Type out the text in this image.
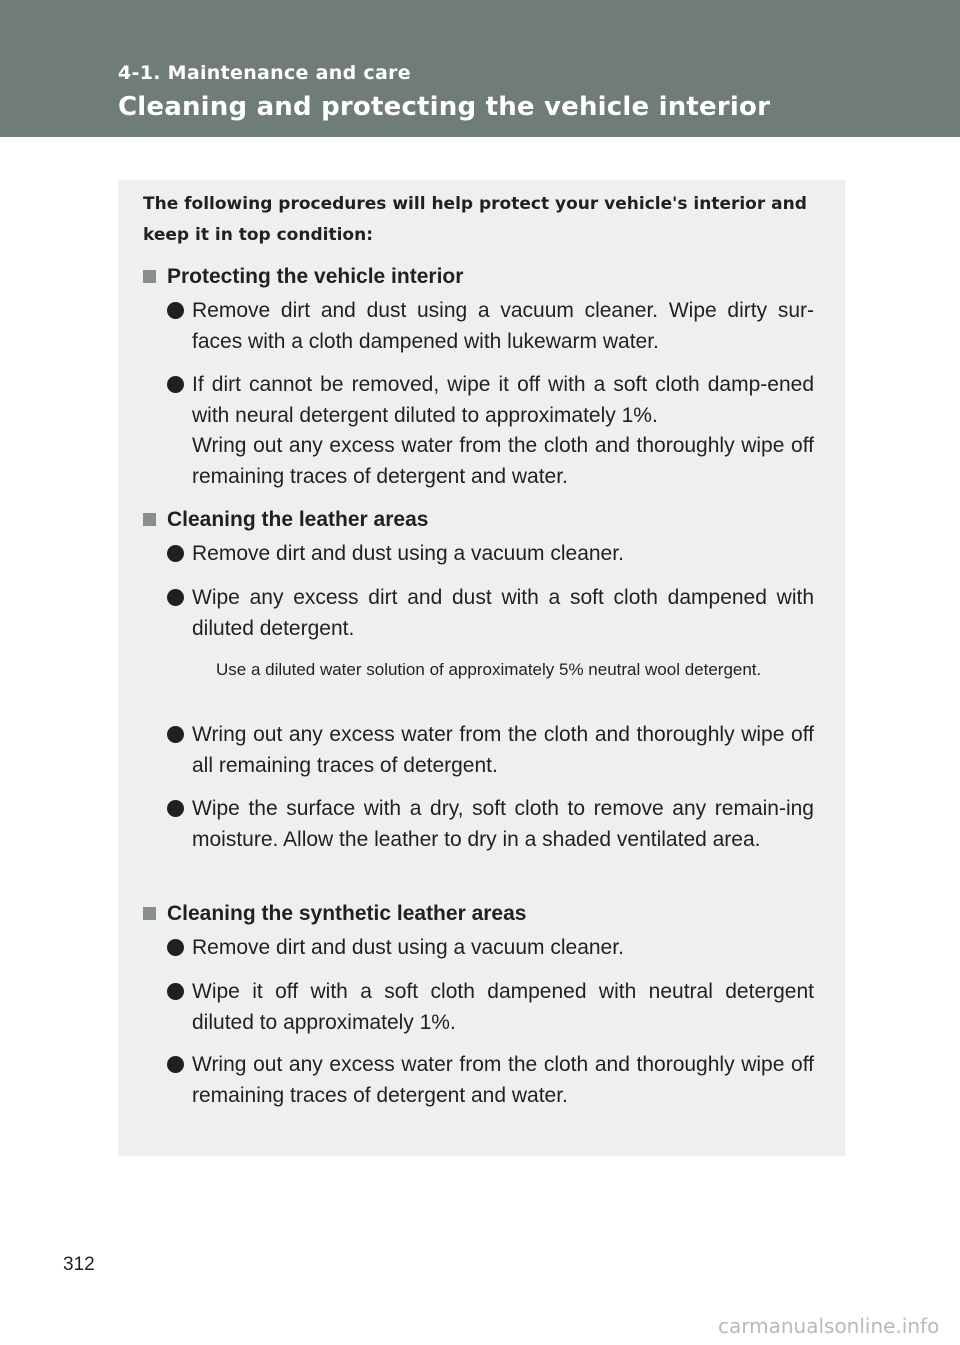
4-1. Maintenance and care
Cleaning and protecting the vehicle interior
The following procedures will help protect your vehicle's interior and keep it in top condition:
Protecting the vehicle interior
Remove dirt and dust using a vacuum cleaner. Wipe dirty sur-faces with a cloth dampened with lukewarm water.
If dirt cannot be removed, wipe it off with a soft cloth damp-ened with neural detergent diluted to approximately 1%.
Wring out any excess water from the cloth and thoroughly wipe off remaining traces of detergent and water.
Cleaning the leather areas
Remove dirt and dust using a vacuum cleaner.
Wipe any excess dirt and dust with a soft cloth dampened with diluted detergent.
Use a diluted water solution of approximately 5% neutral wool detergent.
Wring out any excess water from the cloth and thoroughly wipe off all remaining traces of detergent.
Wipe the surface with a dry, soft cloth to remove any remain-ing moisture. Allow the leather to dry in a shaded ventilated area.
Cleaning the synthetic leather areas
Remove dirt and dust using a vacuum cleaner.
Wipe it off with a soft cloth dampened with neutral detergent diluted to approximately 1%.
Wring out any excess water from the cloth and thoroughly wipe off remaining traces of detergent and water.
312
carmanualsonline.info
